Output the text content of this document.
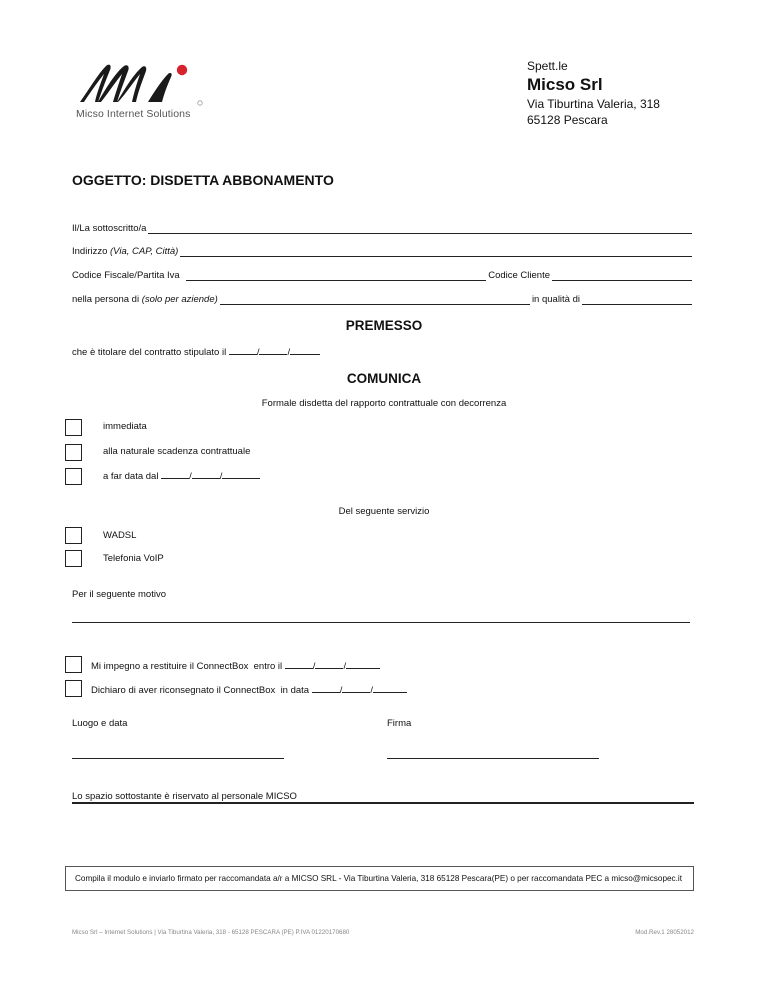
Micso Internet Solutions
Spett.le
Micso Srl
Via Tiburtina Valeria, 318
65128 Pescara
OGGETTO: DISDETTA ABBONAMENTO
Il/La sottoscritto/a
Indirizzo (Via, CAP, Città)
Codice Fiscale/Partita Iva	Codice Cliente
nella persona di (solo per aziende)	in qualità di
PREMESSO
che è titolare del contratto stipulato il	/	/
COMUNICA
Formale disdetta del rapporto contrattuale con decorrenza
immediata
alla naturale scadenza contrattuale
a far data dal	/	/
Del seguente servizio
WADSL
Telefonia VoIP
Per il seguente motivo
Mi impegno a restituire il ConnectBox  entro il	/	/
Dichiaro di aver riconsegnato il ConnectBox  in data	/	/
Luogo e data	Firma
Lo spazio sottostante è riservato al personale MICSO
Compila il modulo e inviarlo firmato per raccomandata a/r a MICSO SRL - Via Tiburtina Valeria, 318 65128 Pescara(PE) o per raccomandata PEC a micso@micsopec.it
Micso Srl – Internet Solutions | Via Tiburtina Valeria, 318 - 65128 PESCARA (PE) P.IVA 01220170680	Mod.Rev.1 28052012
